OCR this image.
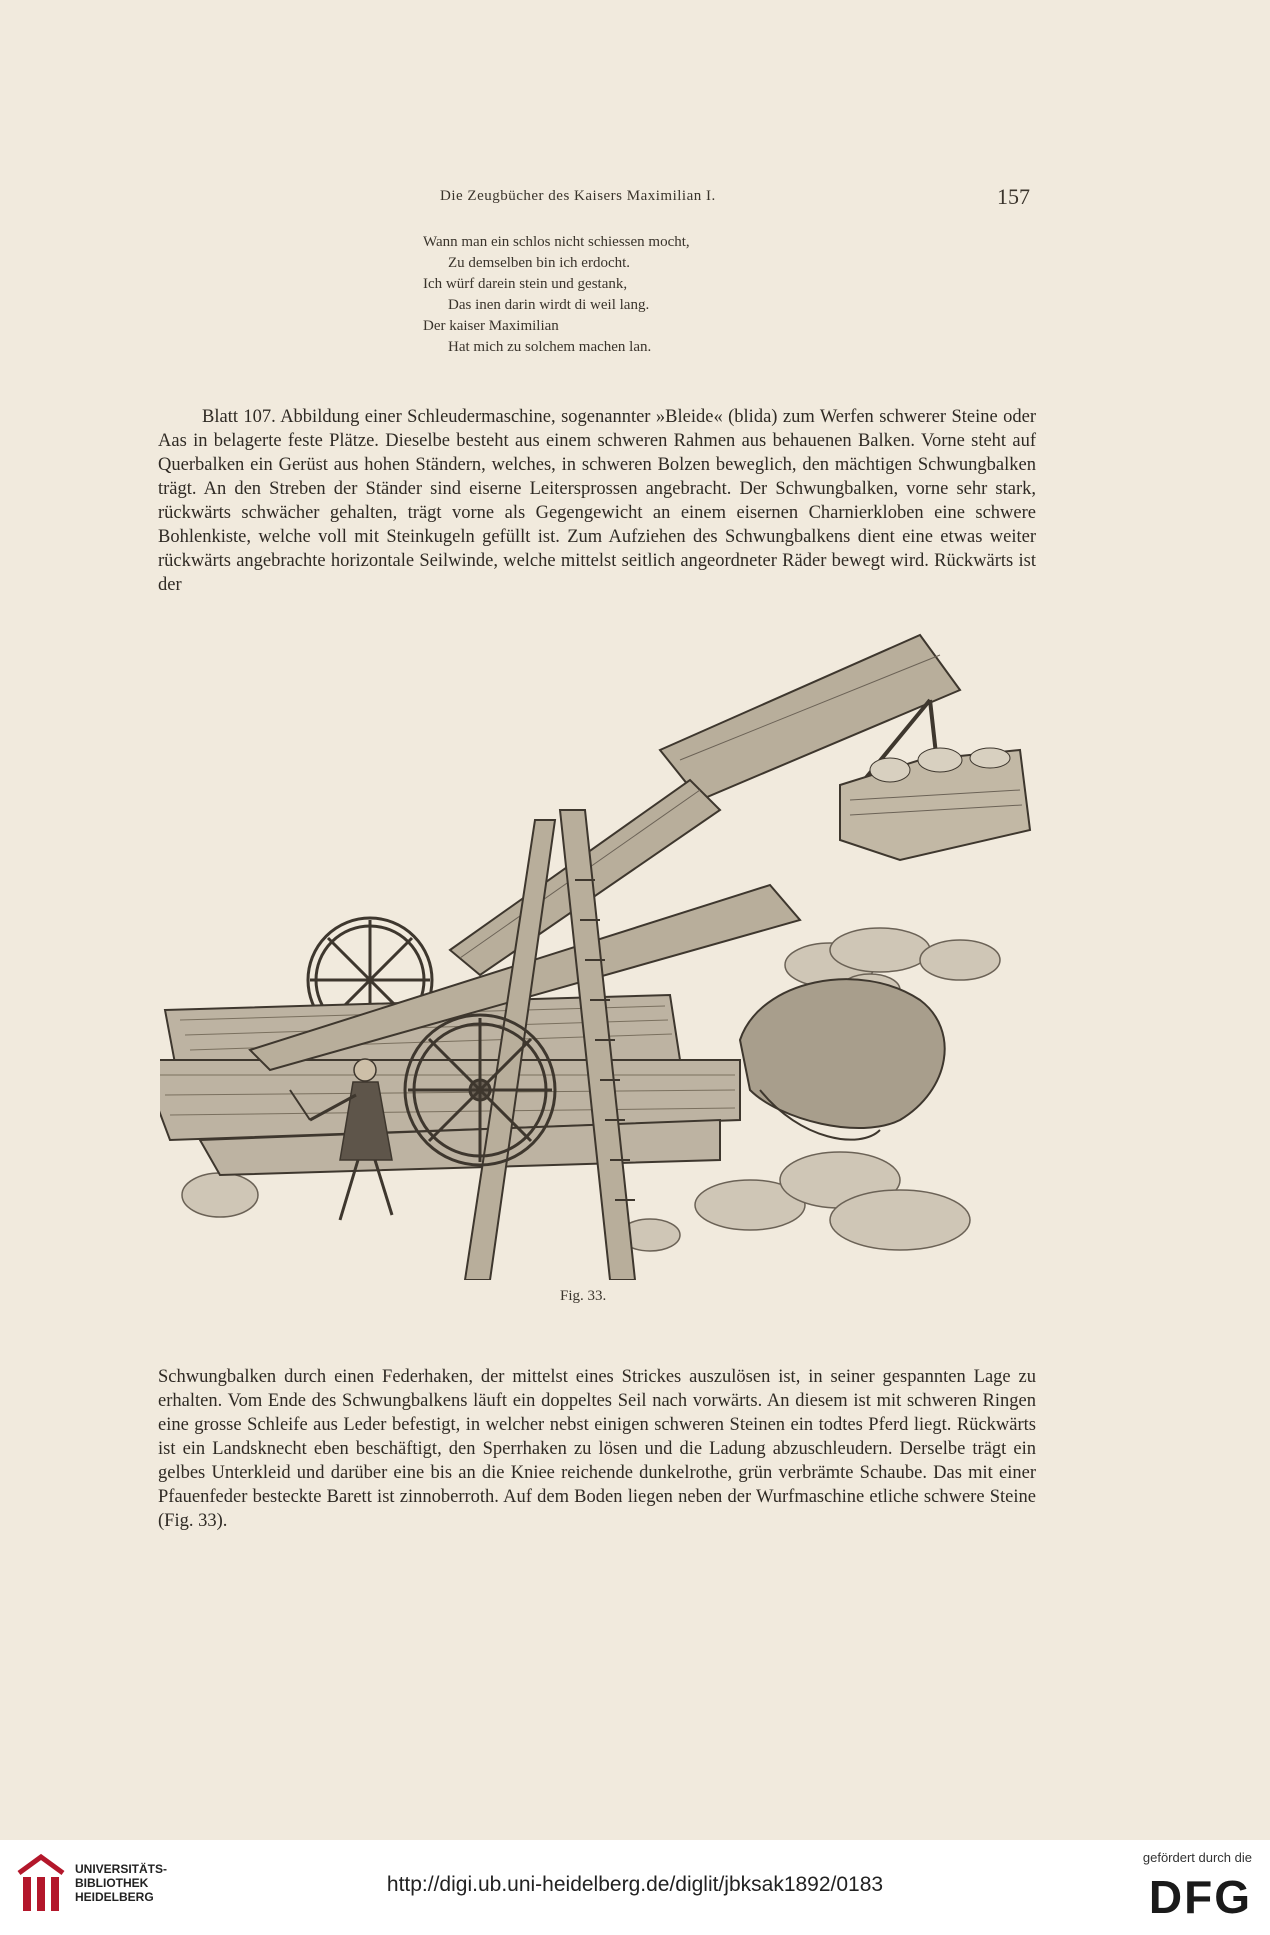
Die Zeugbücher des Kaisers Maximilian I.	157
Wann man ein schlos nicht schiessen mocht,
Zu demselben bin ich erdocht.
Ich würf darein stein und gestank,
Das inen darin wirdt di weil lang.
Der kaiser Maximilian
Hat mich zu solchem machen lan.

Blatt 107. Abbildung einer Schleudermaschine, sogenannter »Bleide« (blida) zum Werfen schwerer Steine oder Aas in belagerte feste Plätze. Dieselbe besteht aus einem schweren Rahmen aus behauenen Balken. Vorne steht auf Querbalken ein Gerüst aus hohen Ständern, welches, in schweren Bolzen beweglich, den mächtigen Schwungbalken trägt. An den Streben der Ständer sind eiserne Leitersprossen angebracht. Der Schwungbalken, vorne sehr stark, rückwärts schwächer gehalten, trägt vorne als Gegengewicht an einem eisernen Charnierkloben eine schwere Bohlenkiste, welche voll mit Steinkugeln gefüllt ist. Zum Aufziehen des Schwungbalkens dient eine etwas weiter rückwärts angebrachte horizontale Seilwinde, welche mittelst seitlich angeordneter Räder bewegt wird. Rückwärts ist der

Fig. 33.

Schwungbalken durch einen Federhaken, der mittelst eines Strickes auszulösen ist, in seiner gespannten Lage zu erhalten. Vom Ende des Schwungbalkens läuft ein doppeltes Seil nach vorwärts. An diesem ist mit schweren Ringen eine grosse Schleife aus Leder befestigt, in welcher nebst einigen schweren Steinen ein todtes Pferd liegt. Rückwärts ist ein Landsknecht eben beschäftigt, den Sperrhaken zu lösen und die Ladung abzuschleudern. Derselbe trägt ein gelbes Unterkleid und darüber eine bis an die Kniee reichende dunkelrothe, grün verbrämte Schaube. Das mit einer Pfauenfeder besteckte Barett ist zinnoberroth. Auf dem Boden liegen neben der Wurfmaschine etliche schwere Steine (Fig. 33).

UNIVERSITÄTS-
BIBLIOTHEK
HEIDELBERG
http://digi.ub.uni-heidelberg.de/diglit/jbksak1892/0183
gefördert durch die
DFG
